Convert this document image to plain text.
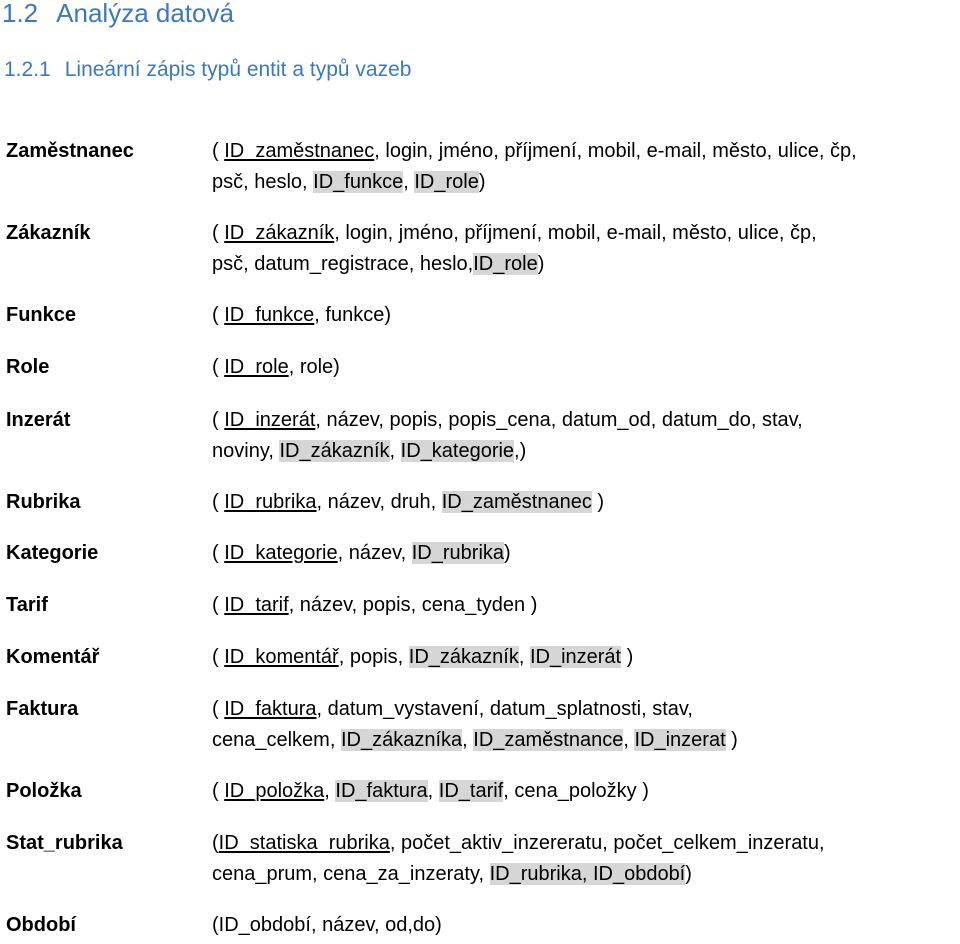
1.2 Analýza datová
1.2.1 Lineární zápis typů entit a typů vazeb
Zaměstnanec	( ID_zaměstnanec, login, jméno, příjmení, mobil, e-mail, město, ulice, čp,
psč, heslo, ID_funkce, ID_role)
Zákazník	( ID_zákazník, login, jméno, příjmení, mobil, e-mail, město, ulice, čp,
psč, datum_registrace, heslo,ID_role)
Funkce	( ID_funkce, funkce)
Role	( ID_role, role)
Inzerát	( ID_inzerát, název, popis, popis_cena, datum_od, datum_do, stav,
noviny, ID_zákazník, ID_kategorie,)
Rubrika	( ID_rubrika, název, druh, ID_zaměstnanec )
Kategorie	( ID_kategorie, název, ID_rubrika)
Tarif	( ID_tarif, název, popis, cena_tyden )
Komentář	( ID_komentář, popis, ID_zákazník, ID_inzerát )
Faktura	( ID_faktura, datum_vystavení, datum_splatnosti, stav,
cena_celkem, ID_zákazníka, ID_zaměstnance, ID_inzerat )
Položka	( ID_položka, ID_faktura, ID_tarif, cena_položky )
Stat_rubrika	(ID_statiska_rubrika, počet_aktiv_inzereratu, počet_celkem_inzeratu,
cena_prum, cena_za_inzeraty, ID_rubrika, ID_období)
Období	(ID_období, název, od,do)
